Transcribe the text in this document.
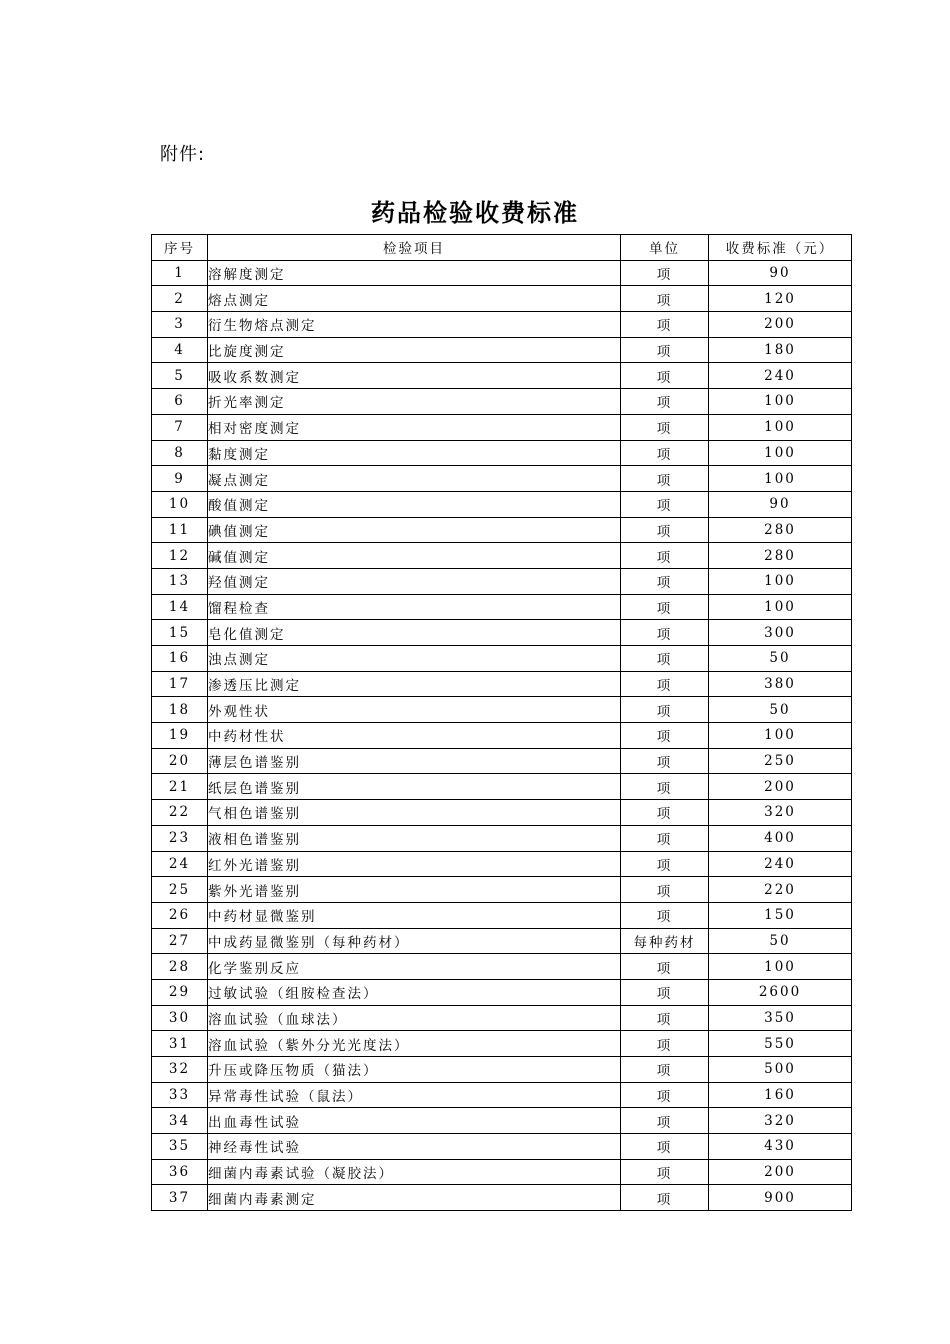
附件:
药品检验收费标准
序号	检验项目	单位	收费标准（元）
1	溶解度测定	项	90
2	熔点测定	项	120
3	衍生物熔点测定	项	200
4	比旋度测定	项	180
5	吸收系数测定	项	240
6	折光率测定	项	100
7	相对密度测定	项	100
8	黏度测定	项	100
9	凝点测定	项	100
10	酸值测定	项	90
11	碘值测定	项	280
12	碱值测定	项	280
13	羟值测定	项	100
14	馏程检查	项	100
15	皂化值测定	项	300
16	浊点测定	项	50
17	渗透压比测定	项	380
18	外观性状	项	50
19	中药材性状	项	100
20	薄层色谱鉴别	项	250
21	纸层色谱鉴别	项	200
22	气相色谱鉴别	项	320
23	液相色谱鉴别	项	400
24	红外光谱鉴别	项	240
25	紫外光谱鉴别	项	220
26	中药材显微鉴别	项	150
27	中成药显微鉴别（每种药材）	每种药材	50
28	化学鉴别反应	项	100
29	过敏试验（组胺检查法）	项	2600
30	溶血试验（血球法）	项	350
31	溶血试验（紫外分光光度法）	项	550
32	升压或降压物质（猫法）	项	500
33	异常毒性试验（鼠法）	项	160
34	出血毒性试验	项	320
35	神经毒性试验	项	430
36	细菌内毒素试验（凝胶法）	项	200
37	细菌内毒素测定	项	900
